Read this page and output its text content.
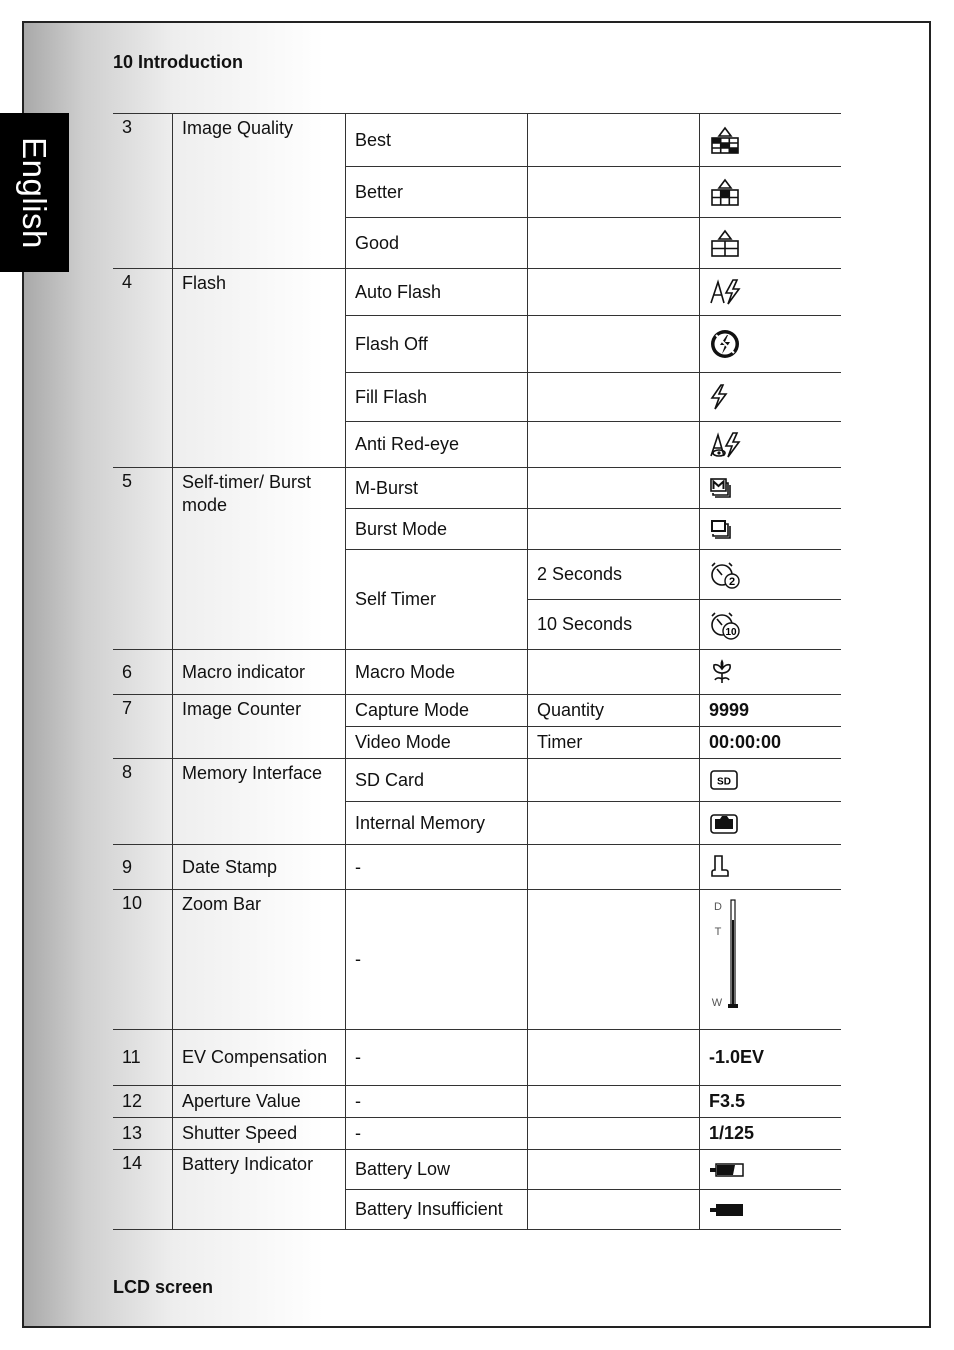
English
10 Introduction
3	Image Quality	Best		

		Better		

		Good		

4	Flash	Auto Flash		

		Flash Off		

		Fill Flash		

		Anti Red-eye		

5	Self-timer/ Burst mode	M-Burst		

		Burst Mode		

		Self Timer	2 Seconds	2

			10 Seconds	10

6	Macro indicator	Macro Mode		

7	Image Counter	Capture Mode	Quantity	9999
		Video Mode	Timer	00:00:00
8	Memory Interface	SD Card		SD

		Internal Memory		

9	Date Stamp	-		

10	Zoom Bar	-		D
T
W

11	EV Compensation	-		-1.0EV
12	Aperture Value	-		F3.5
13	Shutter Speed	-		1/125
14	Battery Indicator	Battery Low		

		Battery Insufficient		
LCD screen
